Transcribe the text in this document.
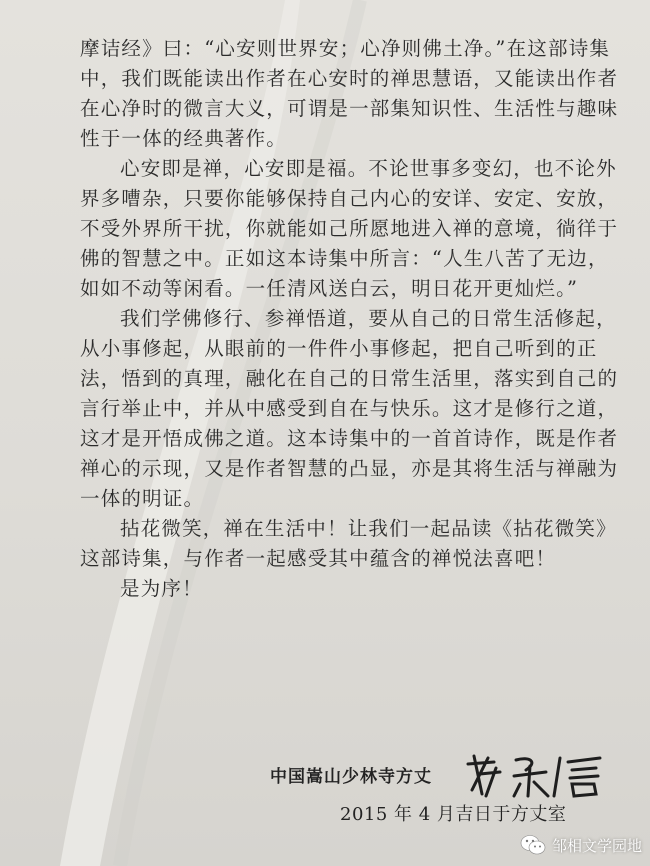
摩诘经》曰：“心安则世界安；心净则佛土净。”在这部诗集中，我们既能读出作者在心安时的禅思慧语，又能读出作者在心净时的微言大义，可谓是一部集知识性、生活性与趣味性于一体的经典著作。

心安即是禅，心安即是福。不论世事多变幻，也不论外界多嘈杂，只要你能够保持自己内心的安详、安定、安放，不受外界所干扰，你就能如己所愿地进入禅的意境，徜徉于佛的智慧之中。正如这本诗集中所言：“人生八苦了无边，如如不动等闲看。一任清风送白云，明日花开更灿烂。”

我们学佛修行、参禅悟道，要从自己的日常生活修起，从小事修起，从眼前的一件件小事修起，把自己听到的正法，悟到的真理，融化在自己的日常生活里，落实到自己的言行举止中，并从中感受到自在与快乐。这才是修行之道，这才是开悟成佛之道。这本诗集中的一首首诗作，既是作者禅心的示现，又是作者智慧的凸显，亦是其将生活与禅融为一体的明证。

拈花微笑，禅在生活中！让我们一起品读《拈花微笑》这部诗集，与作者一起感受其中蕴含的禅悦法喜吧！

是为序！

中国嵩山少林寺方丈
2015 年 4 月吉日于方丈室
邹相文学园地
